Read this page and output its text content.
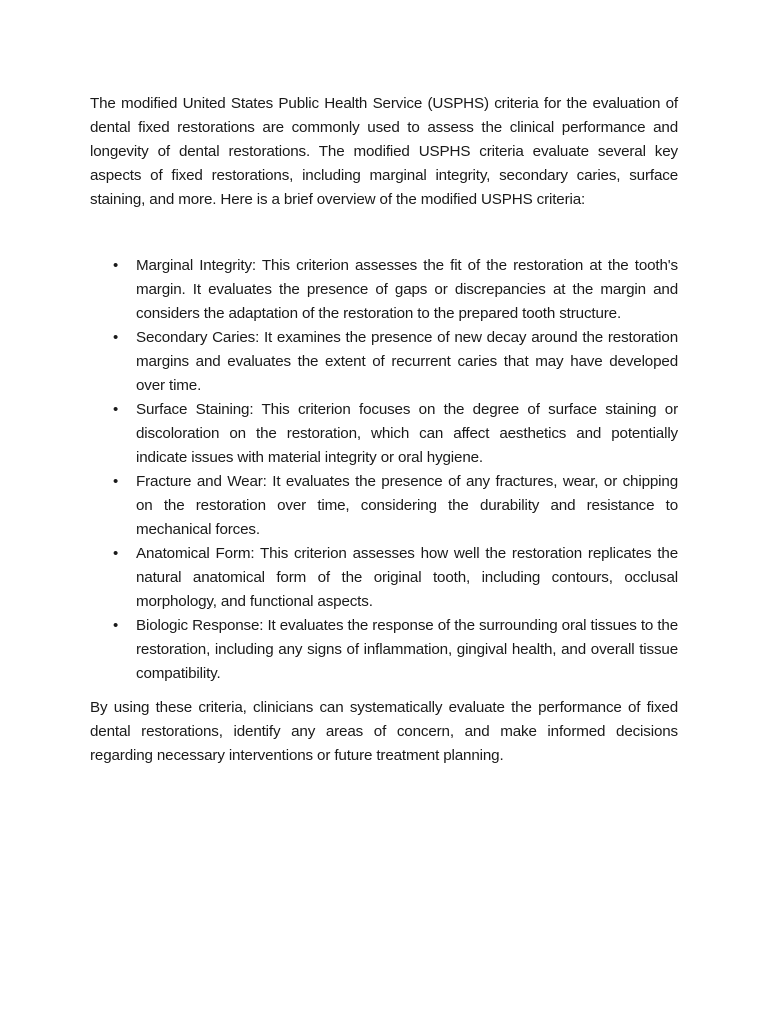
The modified United States Public Health Service (USPHS) criteria for the evaluation of dental fixed restorations are commonly used to assess the clinical performance and longevity of dental restorations. The modified USPHS criteria evaluate several key aspects of fixed restorations, including marginal integrity, secondary caries, surface staining, and more. Here is a brief overview of the modified USPHS criteria:

• Marginal Integrity: This criterion assesses the fit of the restoration at the tooth's margin. It evaluates the presence of gaps or discrepancies at the margin and considers the adaptation of the restoration to the prepared tooth structure.
• Secondary Caries: It examines the presence of new decay around the restoration margins and evaluates the extent of recurrent caries that may have developed over time.
• Surface Staining: This criterion focuses on the degree of surface staining or discoloration on the restoration, which can affect aesthetics and potentially indicate issues with material integrity or oral hygiene.
• Fracture and Wear: It evaluates the presence of any fractures, wear, or chipping on the restoration over time, considering the durability and resistance to mechanical forces.
• Anatomical Form: This criterion assesses how well the restoration replicates the natural anatomical form of the original tooth, including contours, occlusal morphology, and functional aspects.
• Biologic Response: It evaluates the response of the surrounding oral tissues to the restoration, including any signs of inflammation, gingival health, and overall tissue compatibility.

By using these criteria, clinicians can systematically evaluate the performance of fixed dental restorations, identify any areas of concern, and make informed decisions regarding necessary interventions or future treatment planning.
